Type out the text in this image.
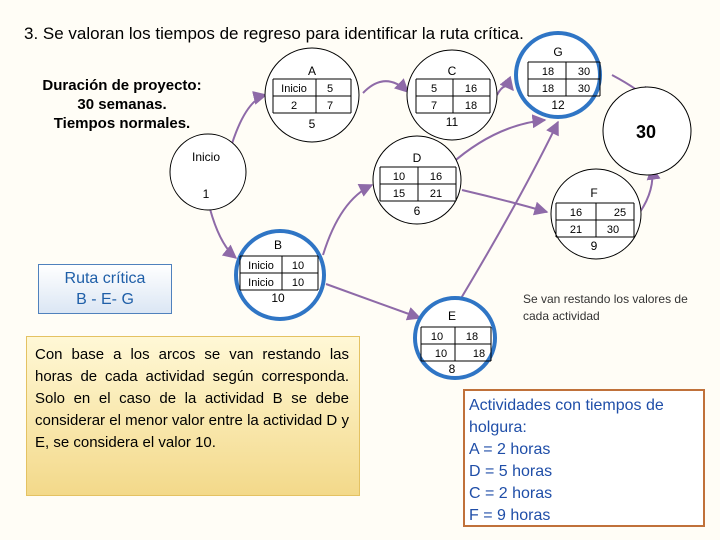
3. Se valoran los tiempos de regreso para identificar la ruta crítica.
Duración de proyecto:
30 semanas.
Tiempos normales.
Inicio
1
A
Inicio 5
2	7
5
C
5	16
7	18
11
G
18 30
18 30
12
30
D
10 16
15 21
6
F
16	25
21 30
9
B
Inicio 10
Inicio 10
10
E
10 18
10 18
8
Ruta crítica
B - E- G
Con base a los arcos se van restando las horas de cada actividad según corresponda. Solo en el caso de la actividad B se debe considerar el menor valor entre la actividad D y E, se considera el valor 10.
Se van restando los valores de cada actividad
Actividades con tiempos de holgura:
A = 2 horas
D = 5 horas
C = 2 horas
F = 9 horas
